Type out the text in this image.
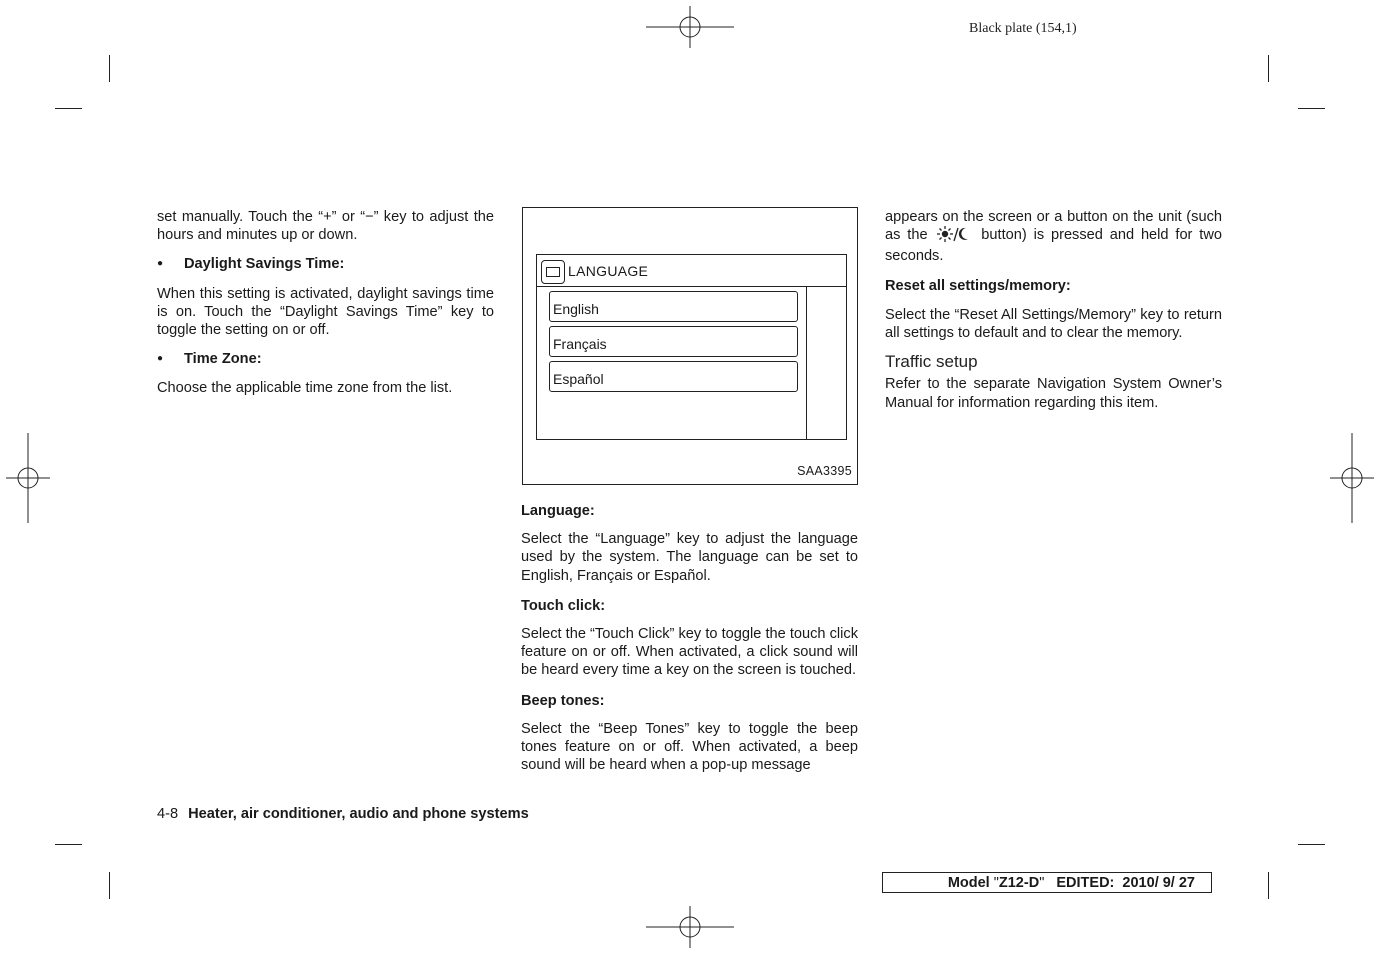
Black plate (154,1)

set manually. Touch the “+” or “−” key to adjust the hours and minutes up or down.

●	Daylight Savings Time:

When this setting is activated, daylight savings time is on. Touch the “Daylight Savings Time” key to toggle the setting on or off.

●	Time Zone:

Choose the applicable time zone from the list.

LANGUAGE
English
Français
Español
SAA3395

Language:

Select the “Language” key to adjust the language used by the system. The language can be set to English, Français or Español.

Touch click:

Select the “Touch Click” key to toggle the touch click feature on or off. When activated, a click sound will be heard every time a key on the screen is touched.

Beep tones:

Select the “Beep Tones” key to toggle the beep tones feature on or off. When activated, a beep sound will be heard when a pop-up message

appears on the screen or a button on the unit (such as the	button) is pressed and held for two seconds.

Reset all settings/memory:

Select the “Reset All Settings/Memory” key to return all settings to default and to clear the memory.

Traffic setup

Refer to the separate Navigation System Owner’s Manual for information regarding this item.

4-8 Heater, air conditioner, audio and phone systems
Model "Z12-D" EDITED:  2010/ 9/ 27
